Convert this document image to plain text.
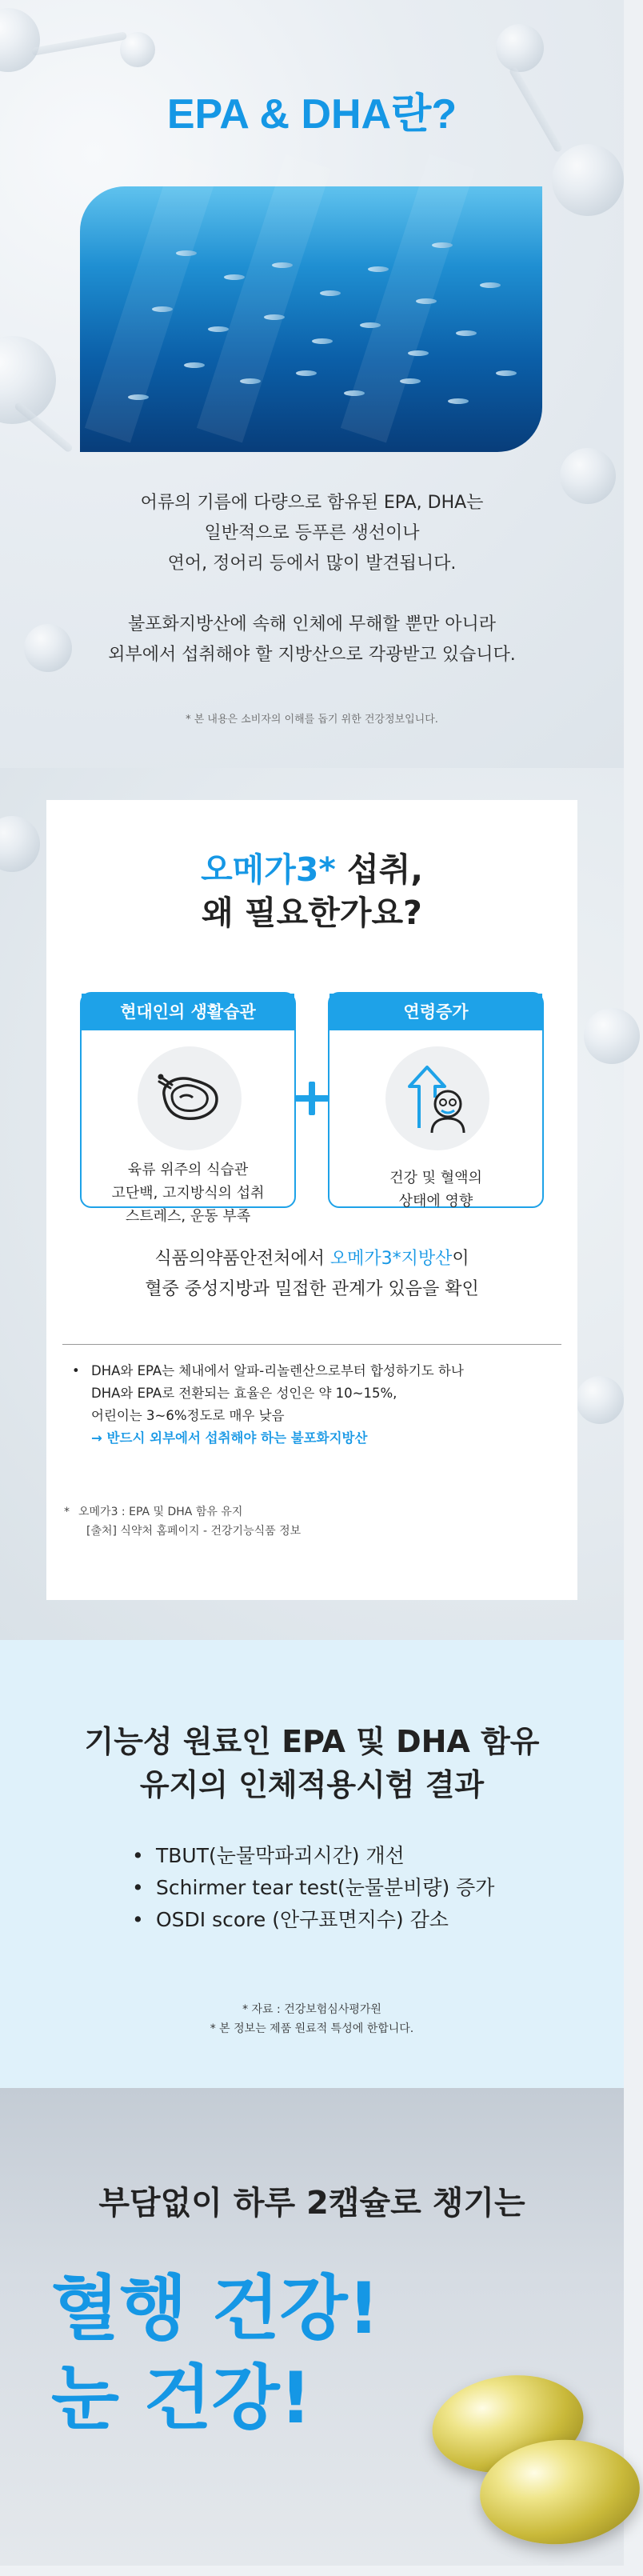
EPA & DHA란?

어류의 기름에 다량으로 함유된 EPA, DHA는

일반적으로 등푸른 생선이나

연어, 정어리 등에서 많이 발견됩니다.

불포화지방산에 속해 인체에 무해할 뿐만 아니라

외부에서 섭취해야 할 지방산으로 각광받고 있습니다.

* 본 내용은 소비자의 이해를 돕기 위한 건강정보입니다.
오메가3* 섭취,
왜 필요한가요?
현대인의 생활습관
육류 위주의 식습관
고단백, 고지방식의 섭취
스트레스, 운동 부족
연령증가
건강 및 혈액의
상태에 영향
식품의약품안전처에서 오메가3*지방산이
혈중 중성지방과 밀접한 관계가 있음을 확인
• DHA와 EPA는 체내에서 알파-리놀렌산으로부터 합성하기도 하나
DHA와 EPA로 전환되는 효율은 성인은 약 10~15%,
어린이는 3~6%정도로 매우 낮음
→ 반드시 외부에서 섭취해야 하는 불포화지방산
* 오메가3 : EPA 및 DHA 함유 유지
[출처] 식약처 홈페이지 - 건강기능식품 정보
기능성 원료인 EPA 및 DHA 함유
유지의 인체적용시험 결과
• TBUT(눈물막파괴시간) 개선
• Schirmer tear test(눈물분비량) 증가
• OSDI score (안구표면지수) 감소
* 자료 : 건강보험심사평가원
* 본 정보는 제품 원료적 특성에 한합니다.
부담없이 하루 2캡슐로 챙기는
혈행 건강!
눈 건강!
